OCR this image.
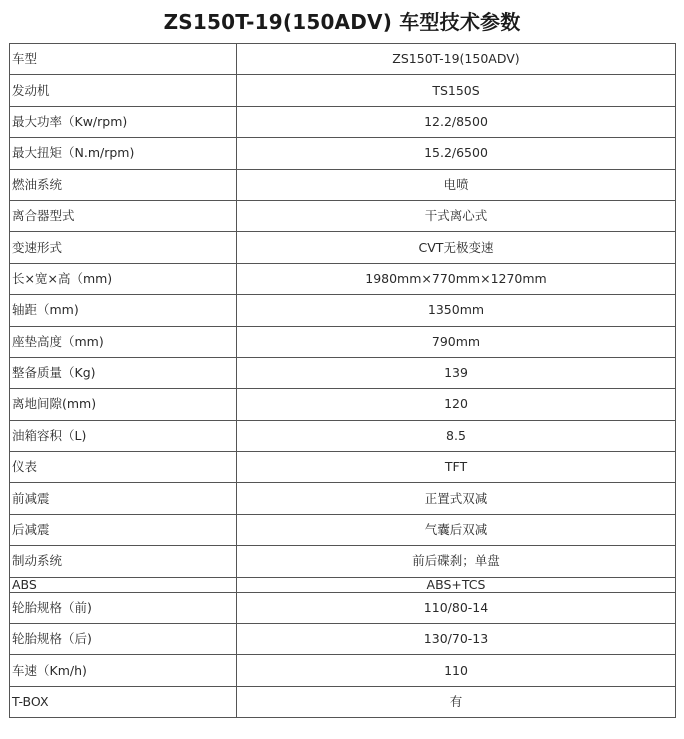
ZS150T-19(150ADV) 车型技术参数
车型	ZS150T-19(150ADV)
发动机	TS150S
最大功率（Kw/rpm)	12.2/8500
最大扭矩（N.m/rpm)	15.2/6500
燃油系统	电喷
离合器型式	干式离心式
变速形式	CVT无极变速
长×宽×高（mm)	1980mm×770mm×1270mm
轴距（mm)	1350mm
座垫高度（mm)	790mm
整备质量（Kg)	139
离地间隙(mm)	120
油箱容积（L)	8.5
仪表	TFT
前减震	正置式双减
后减震	气囊后双减
制动系统	前后碟刹；单盘
ABS	ABS+TCS
轮胎规格（前)	110/80-14
轮胎规格（后)	130/70-13
车速（Km/h)	110
T-BOX	有
